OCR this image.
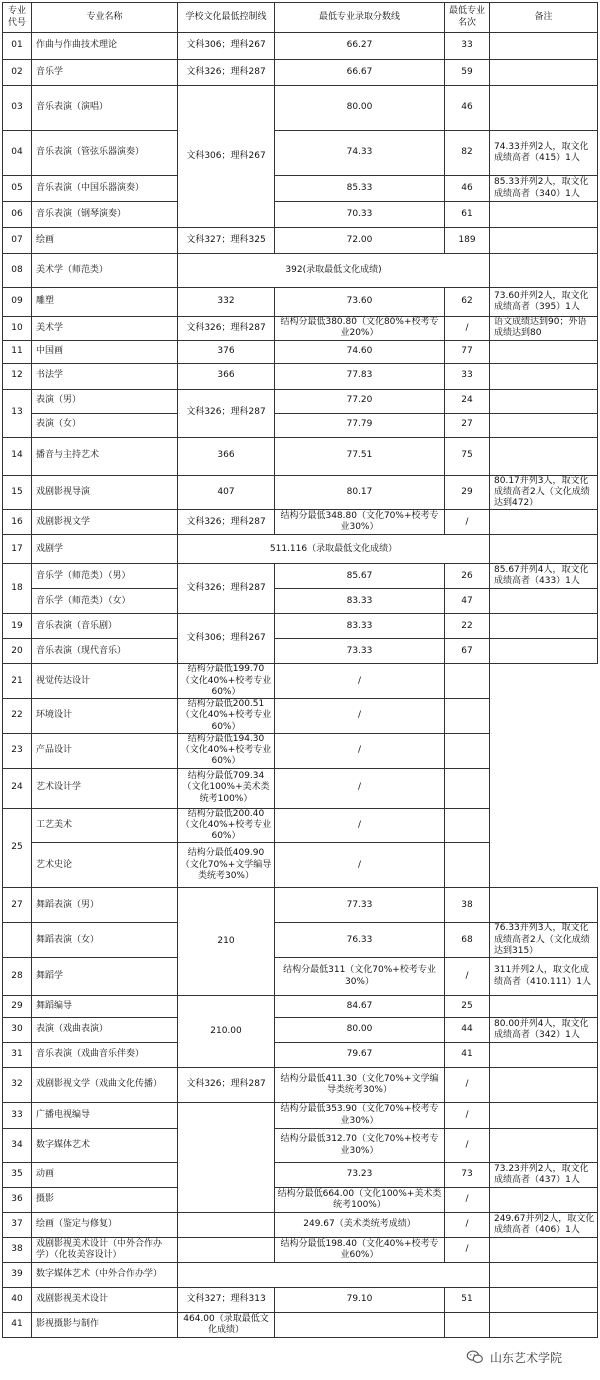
专业代号	专业名称	学校文化最低控制线	最低专业录取分数线	最低专业名次	备注
01	作曲与作曲技术理论	文科306；理科267	66.27	33	
02	音乐学	文科326；理科287	66.67	59	
03	音乐表演（演唱）	文科306；理科267	80.00	46	
04	音乐表演（管弦乐器演奏）		74.33	82	74.33并列2人，取文化成绩高者（415）1人
05	音乐表演（中国乐器演奏）		85.33	46	85.33并列2人，取文化成绩高者（340）1人
06	音乐表演（钢琴演奏）		70.33	61	
07	绘画	文科327；理科325	72.00	189	
08	美术学（师范类）	392(录取最低文化成绩)			
09	雕塑	332	73.60	62	73.60并列2人，取文化成绩高者（395）1人
10	美术学	文科326；理科287	结构分最低380.80（文化80%+校考专业20%）	/	语文成绩达到90；外语成绩达到80
11	中国画	376	74.60	77	
12	书法学	366	77.83	33	
13	表演（男）	文科326；理科287	77.20	24	
	表演（女）		77.79	27	
14	播音与主持艺术	366	77.51	75	
15	戏剧影视导演	407	80.17	29	80.17并列3人，取文化成绩高者2人（文化成绩达到472）
16	戏剧影视文学	文科326；理科287	结构分最低348.80（文化70%+校考专业30%）	/	
17	戏剧学	511.116（录取最低文化成绩）			
18	音乐学（师范类）（男）	文科326；理科287	85.67	26	85.67并列4人，取文化成绩高者（433）1人
	音乐学（师范类）（女）		83.33	47	
19	音乐表演（音乐剧）	文科306；理科267	83.33	22	
20	音乐表演（现代音乐）		73.33	67	
21	视觉传达设计	结构分最低199.70（文化40%+校考专业60%）	/		
22	环境设计	结构分最低200.51（文化40%+校考专业60%）	/		
23	产品设计	结构分最低194.30（文化40%+校考专业60%）	/		
24	艺术设计学	结构分最低709.34（文化100%+美术类统考100%）	/		
25	工艺美术	结构分最低200.40（文化40%+校考专业60%）	/		
	艺术史论	结构分最低409.90（文化70%+文学编导类统考30%）	/		
27	舞蹈表演（男）	210	77.33	38	
	舞蹈表演（女）		76.33	68	76.33并列3人，取文化成绩高者2人（文化成绩达到315）
28	舞蹈学		结构分最低311（文化70%+校考专业30%）	/	311并列2人，取文化成绩高者（410.111）1人
29	舞蹈编导	210.00	84.67	25	
30	表演（戏曲表演）		80.00	44	80.00并列4人，取文化成绩高者（342）1人
31	音乐表演（戏曲音乐伴奏）		79.67	41	
32	戏剧影视文学（戏曲文化传播）	文科326；理科287	结构分最低411.30（文化70%+文学编导类统考30%）	/	
33	广播电视编导		结构分最低353.90（文化70%+校考专业30%）	/	
34	数字媒体艺术		结构分最低312.70（文化70%+校考专业30%）	/	
35	动画		73.23	73	73.23并列2人，取文化成绩高者（437）1人
36	摄影		结构分最低664.00（文化100%+美术类统考100%）	/	
37	绘画（鉴定与修复）		249.67（美术类统考成绩）	/	249.67并列2人，取文化成绩高者（406）1人
38	戏剧影视美术设计（中外合作办学）（化妆美容设计）		结构分最低198.40（文化40%+校考专业60%）	/	
39	数字媒体艺术（中外合作办学）				
40	戏剧影视美术设计	文科327；理科313	79.10	51	
41	影视摄影与制作	464.00（录取最低文化成绩）			
山东艺术学院
